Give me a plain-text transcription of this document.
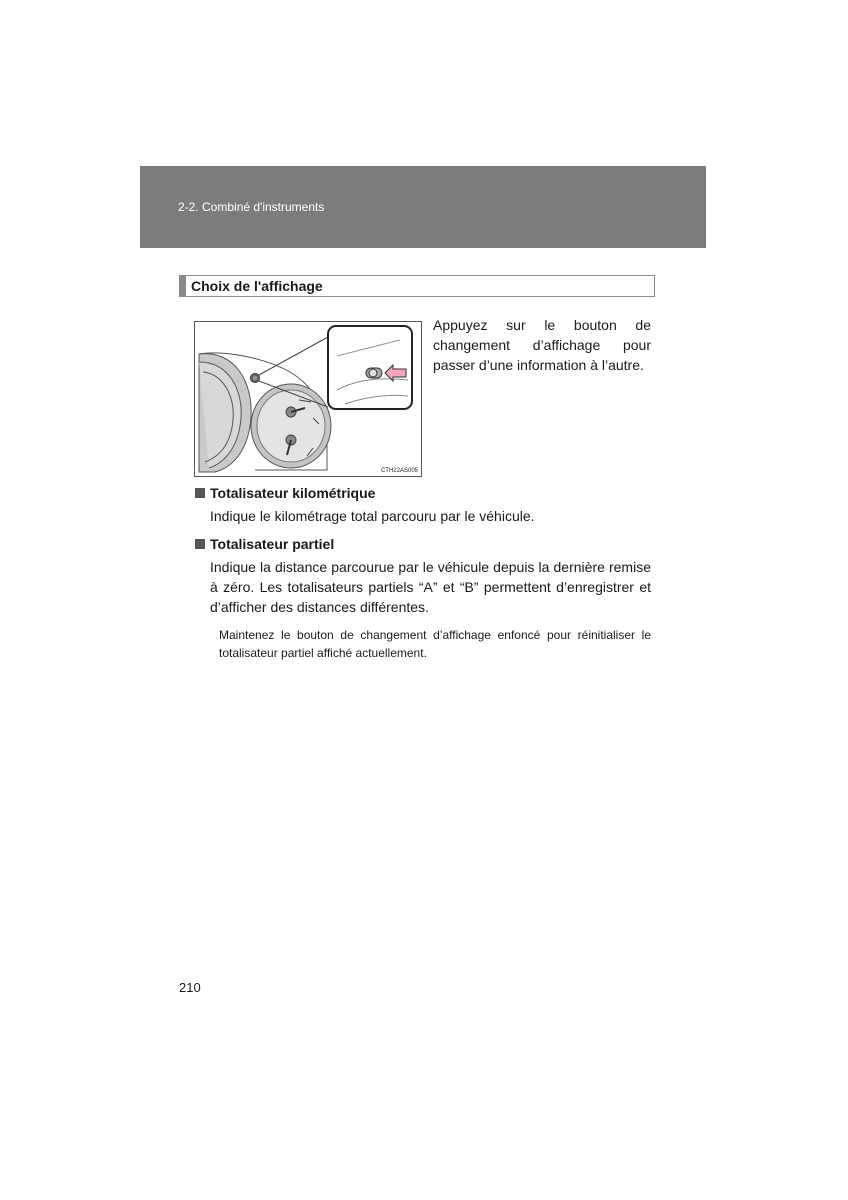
2-2. Combiné d'instruments
Choix de l'affichage
CTH22AS005
Appuyez sur le bouton de changement d’affichage pour passer d’une information à l’autre.
Totalisateur kilométrique
Indique le kilométrage total parcouru par le véhicule.
Totalisateur partiel
Indique la distance parcourue par le véhicule depuis la dernière remise à zéro. Les totalisateurs partiels “A” et “B” permettent d’enregistrer et d’afficher des distances différentes.
Maintenez le bouton de changement d’affichage enfoncé pour réinitialiser le totalisateur partiel affiché actuellement.
210
